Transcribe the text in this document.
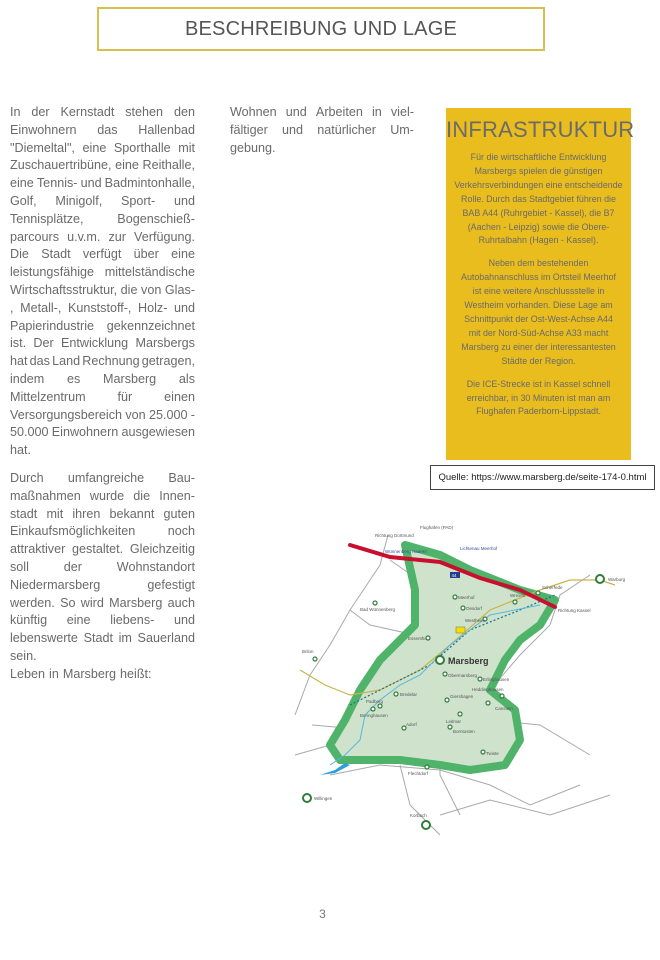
BESCHREIBUNG UND LAGE
In der Kernstadt stehen den
Einwohnern das Hallenbad
"Diemeltal", eine Sporthalle mit
Zuschauertribüne, eine Reithalle,
eine Tennis- und Badmintonhalle,
Golf, Minigolf, Sport- und
Tennisplätze,	Bogenschieß-
parcours u.v.m. zur Verfügung.
Die Stadt verfügt über eine
leistungsfähige mittelständische
Wirtschaftsstruktur, die von Glas-
, Metall-, Kunststoff-, Holz- und
Papierindustrie gekennzeichnet
ist. Der Entwicklung Marsbergs
hat das Land Rechnung getragen,
indem es Marsberg als
Mittelzentrum	für	einen
Versorgungsbereich von 25.000 -
50.000 Einwohnern ausgewiesen
hat.
Durch umfangreiche Bau-
maßnahmen wurde die Innen-
stadt mit ihren bekannt guten
Einkaufsmöglichkeiten	noch
attraktiver gestaltet. Gleichzeitig
soll	der	Wohnstandort
Niedermarsberg	gefestigt
werden. So wird Marsberg auch
künftig eine liebens- und
lebenswerte Stadt im Sauerland
sein.
Leben in Marsberg heißt:
Wohnen und Arbeiten in viel-
fältiger und natürlicher Um-
gebung.
INFRASTRUKTUR

Für die wirtschaftliche Entwicklung Marsbergs spielen die günstigen Verkehrsverbindungen eine entscheidende Rolle. Durch das Stadtgebiet führen die BAB A44 (Ruhrgebiet - Kassel), die B7 (Aachen - Leipzig) sowie die Obere-Ruhrtalbahn (Hagen - Kassel).

Neben dem bestehenden Autobahnanschluss im Ortsteil Meerhof ist eine weitere Anschlussstelle in Westheim vorhanden. Diese Lage am Schnittpunkt der Ost-West-Achse A44 mit der Nord-Süd-Achse A33 macht Marsberg zu einer der interessantesten Städte der Region.

Die ICE-Strecke ist in Kassel schnell erreichbar, in 30 Minuten ist man am Flughafen Paderborn-Lippstadt.

Quelle: https://www.marsberg.de/seite-174-0.html
44
Marsberg
Flughafen (PAD)
Richtung Dortmund
Wünnenberg Haaren
Lichtenau Meerhof
Meerhof
Oesdorf
Bad Wünnenberg
Essentho
Westheim
Scherfede
Warburg
Wrexen
Richtung Kassel
Brilon
Bredelar
Padberg
Beringhausen
Giershagen
Leitmar
Borntosten
Adorf
Willingen
Korbach
Flechtdorf
Twiste
Obermarsberg
Erlinghausen
Canstein
Heddinghausen
3
